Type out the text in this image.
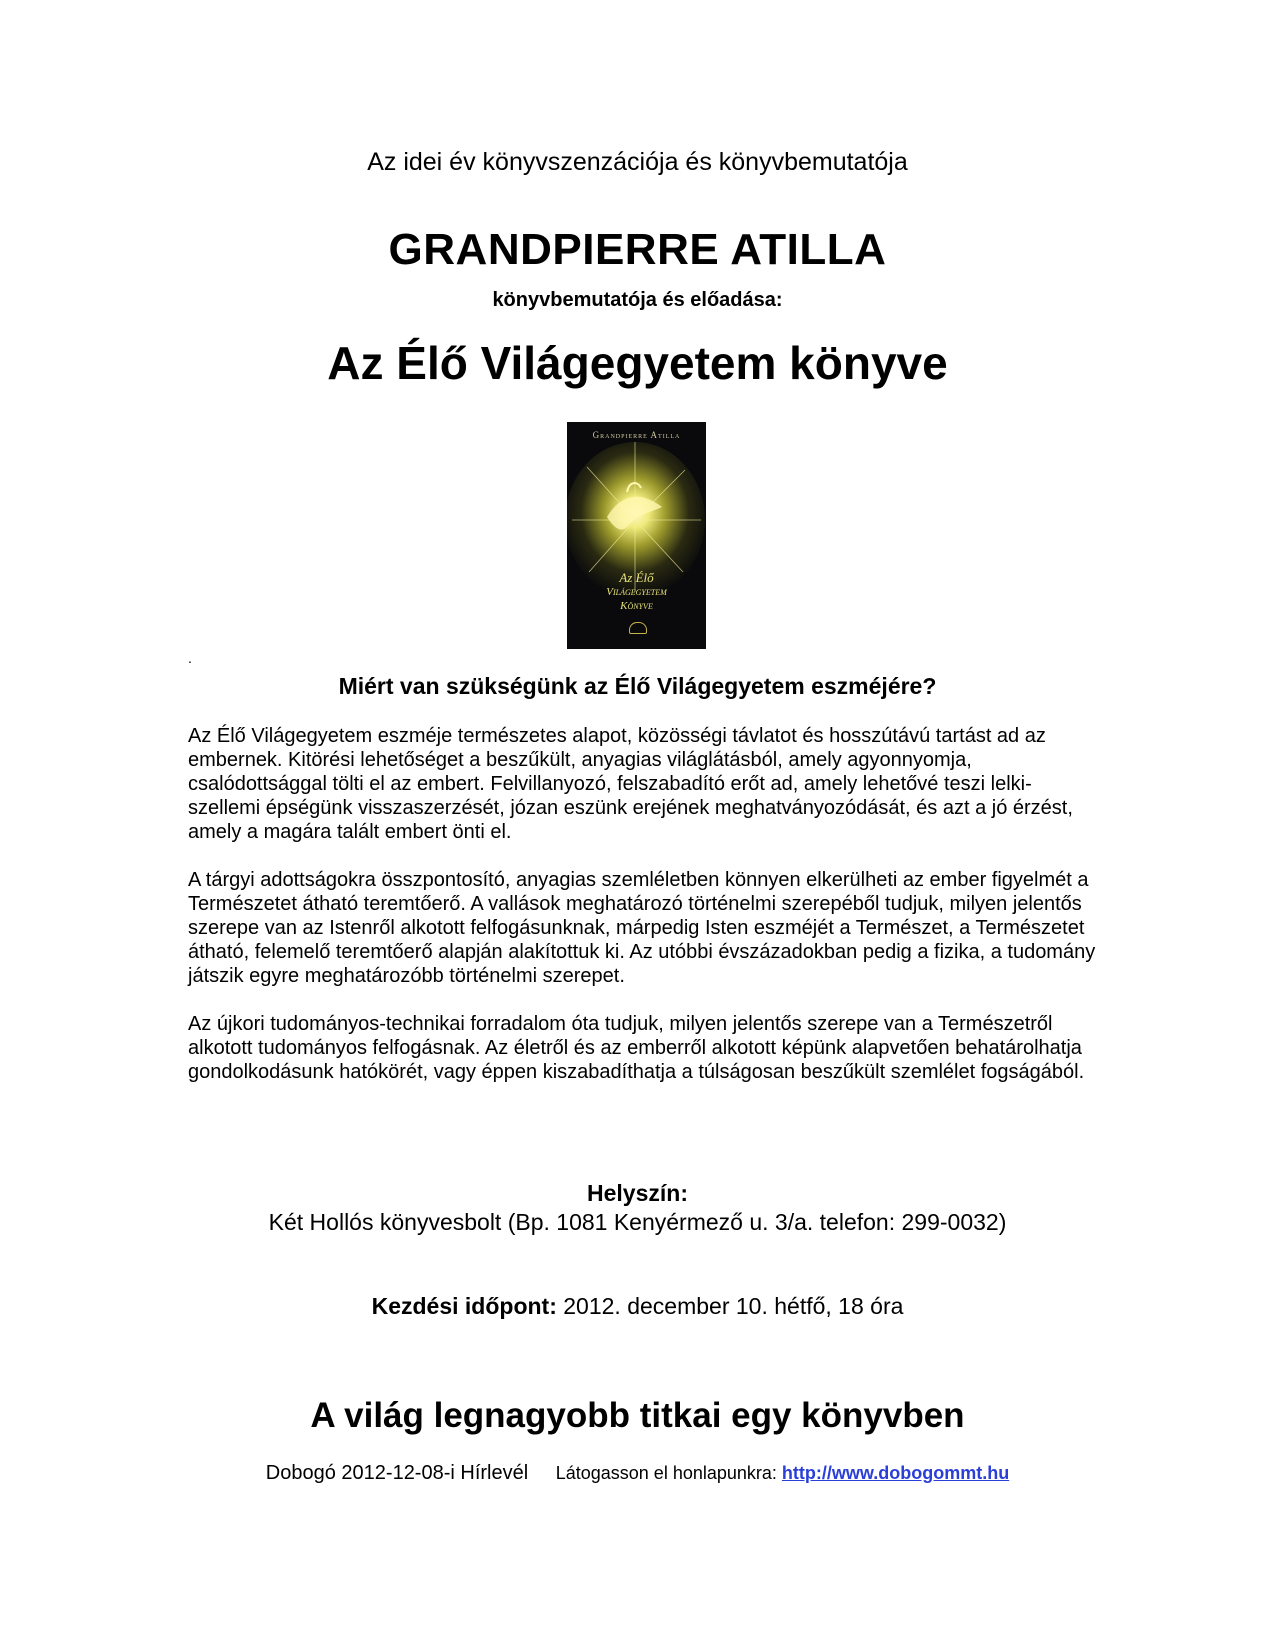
Az idei év könyvszenzációja és könyvbemutatója
GRANDPIERRE ATILLA
könyvbemutatója és előadása:
Az Élő Világegyetem könyve
Grandpierre Atilla
Az Élő
Világegyetem
Könyve
.
Miért van szükségünk az Élő Világegyetem eszméjére?
Az Élő Világegyetem eszméje természetes alapot, közösségi távlatot és hosszútávú tartást ad az embernek. Kitörési lehetőséget a beszűkült, anyagias világlátásból, amely agyonnyomja, csalódottsággal tölti el az embert. Felvillanyozó, felszabadító erőt ad, amely lehetővé teszi lelki-szellemi épségünk visszaszerzését, józan eszünk erejének meghatványozódását, és azt a jó érzést, amely a magára talált embert önti el.
A tárgyi adottságokra összpontosító, anyagias szemléletben könnyen elkerülheti az ember figyelmét a Természetet átható teremtőerő. A vallások meghatározó történelmi szerepéből tudjuk, milyen jelentős szerepe van az Istenről alkotott felfogásunknak, márpedig Isten eszméjét a Természet, a Természetet átható, felemelő teremtőerő alapján alakítottuk ki. Az utóbbi évszázadokban pedig a fizika, a tudomány játszik egyre meghatározóbb történelmi szerepet.
Az újkori tudományos-technikai forradalom óta tudjuk, milyen jelentős szerepe van a Természetről alkotott tudományos felfogásnak. Az életről és az emberről alkotott képünk alapvetően behatárolhatja gondolkodásunk hatókörét, vagy éppen kiszabadíthatja a túlságosan beszűkült szemlélet fogságából.
Helyszín:
Két Hollós könyvesbolt (Bp. 1081 Kenyérmező u. 3/a. telefon: 299-0032)
Kezdési időpont: 2012. december 10. hétfő, 18 óra
A világ legnagyobb titkai egy könyvben
Dobogó 2012-12-08-i Hírlevél Látogasson el honlapunkra: http://www.dobogommt.hu
